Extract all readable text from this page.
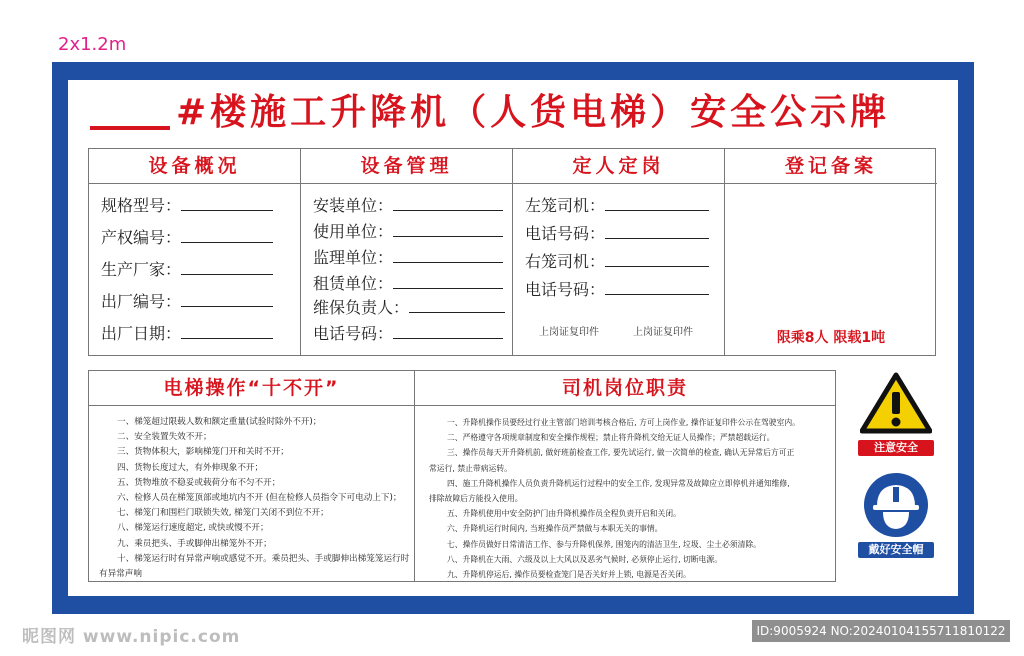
2x1.2m
#楼施工升降机（人货电梯）安全公示牌
设备概况
规格型号：
产权编号：
生产厂家：
出厂编号：
出厂日期：
设备管理
安装单位：
使用单位：
监理单位：
租赁单位：
维保负责人：
电话号码：
定人定岗
左笼司机：
电话号码：
右笼司机：
电话号码：
上岗证复印件	上岗证复印件
登记备案
限乘8人 限载1吨
电梯操作“十不开”
一、梯笼超过限载人数和额定重量(试验时除外不开)；
二、安全装置失效不开；
三、货物体积大，影响梯笼门开和关时不开；
四、货物长度过大，有外伸现象不开；
五、货物堆放不稳妥或载荷分布不匀不开；
六、检修人员在梯笼顶部或地坑内不开 (但在检修人员指令下可电动上下)；
七、梯笼门和围栏门联锁失效, 梯笼门关闭不到位不开；
八、梯笼运行速度超定, 或快或慢不开；
九、乘员把头、手或脚伸出梯笼外不开；
十、梯笼运行时有异常声响或感觉不开。乘员把头、手或脚伸出梯笼笼运行时
有异常声响
司机岗位职责
一、升降机操作员要经过行业主管部门培训考核合格后, 方可上岗作业, 操作证复印件公示在驾驶室内。
二、严格遵守各项规章制度和安全操作规程；禁止将升降机交给无证人员操作；严禁超载运行。
三、操作员每天开升降机前, 做好班前检查工作, 要先试运行, 做一次简单的检查, 确认无异常后方可正
常运行, 禁止带病运转。
四、施工升降机操作人员负责升降机运行过程中的安全工作, 发现异常及故障应立即停机并通知维修,
排除故障后方能投入使用。
五、升降机使用中安全防护门由升降机操作员全程负责开启和关闭。
六、升降机运行时间内, 当班操作员严禁做与本职无关的事情。
七、操作员做好日常清洁工作、参与升降机保养, 围笼内的清洁卫生, 垃圾、尘土必须清除。
八、升降机在大雨、六级及以上大风以及恶劣气候时, 必须停止运行, 切断电源。
九、升降机停运后, 操作员要检查笼门是否关好并上锁, 电源是否关闭。
注意安全
戴好安全帽
昵图网 www.nipic.com	ID:9005924 NO:20240104155711810122
